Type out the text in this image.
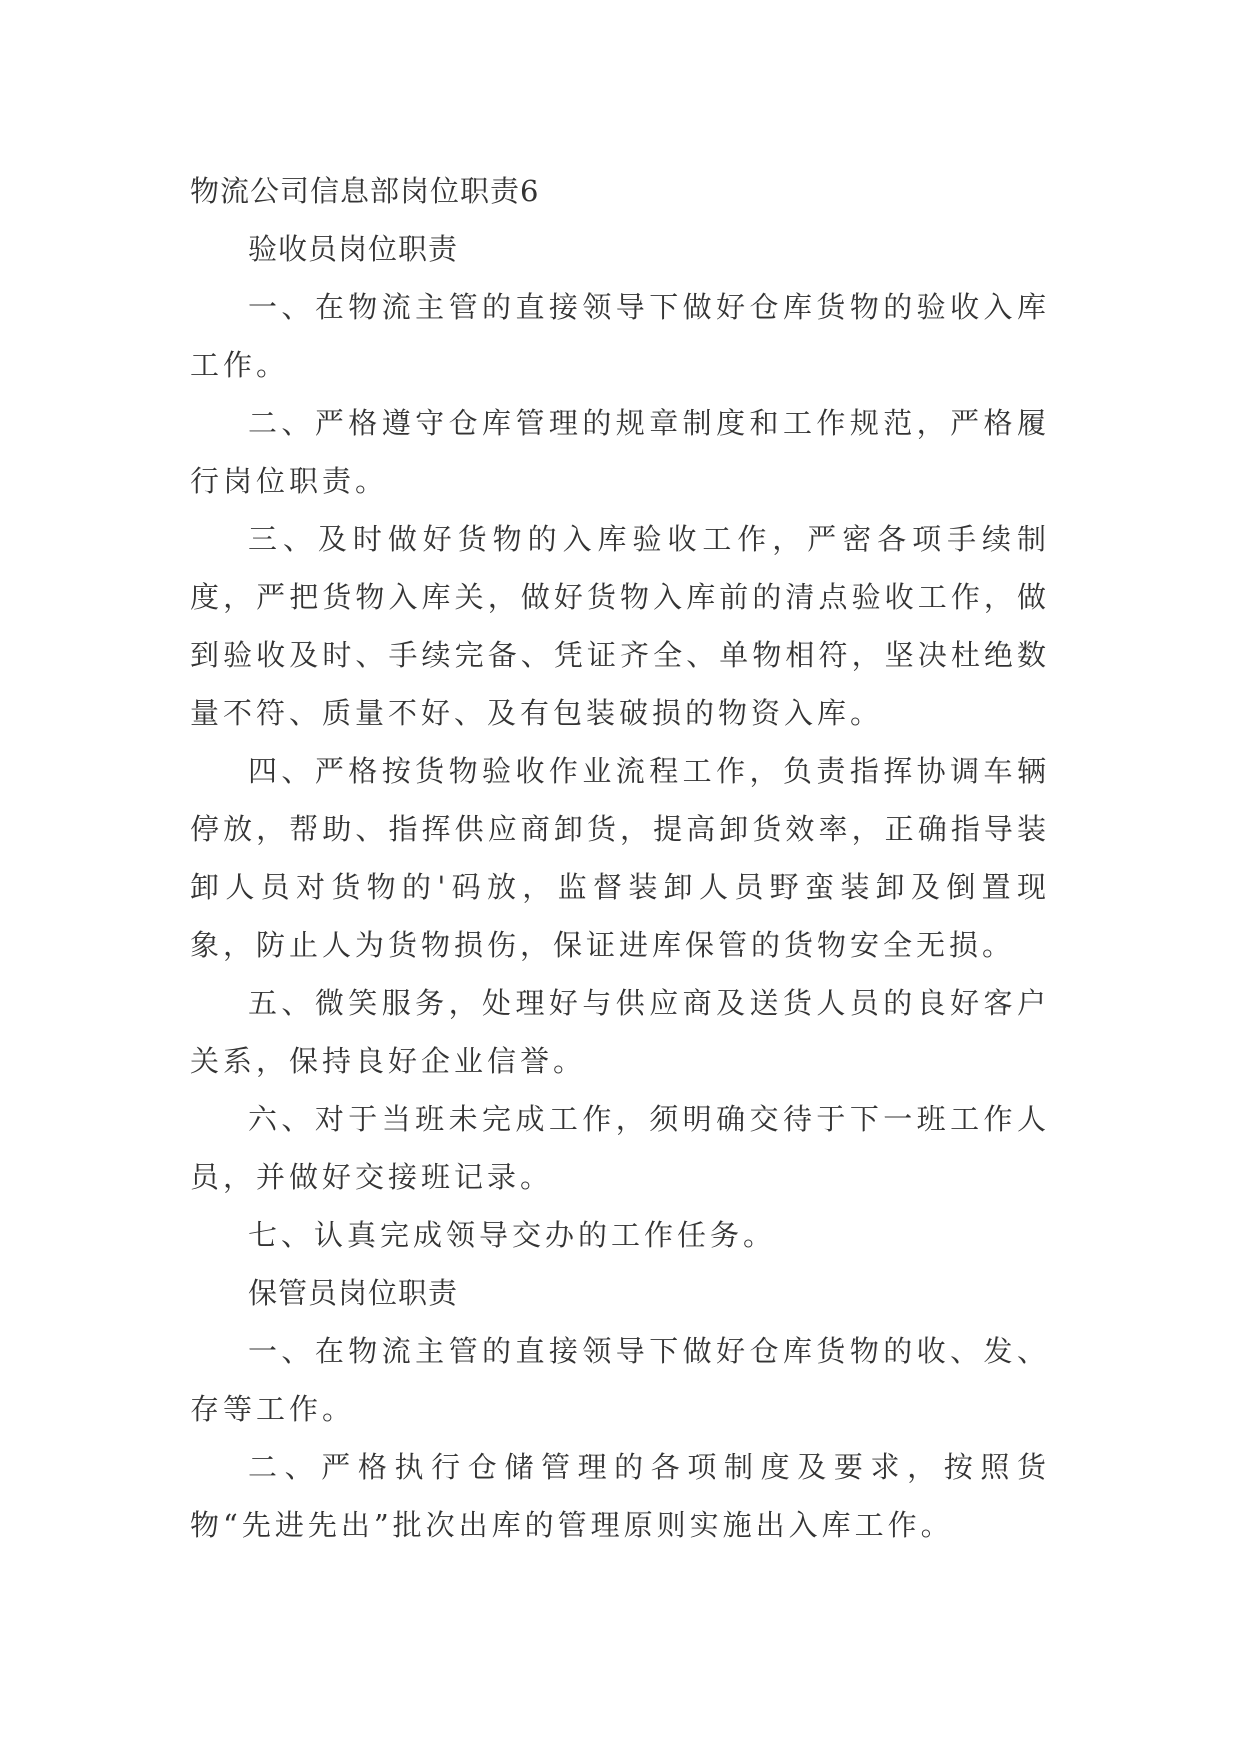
物流公司信息部岗位职责6

验收员岗位职责

一、在物流主管的直接领导下做好仓库货物的验收入库工作。

二、严格遵守仓库管理的规章制度和工作规范，严格履行岗位职责。

三、及时做好货物的入库验收工作，严密各项手续制度，严把货物入库关，做好货物入库前的清点验收工作，做到验收及时、手续完备、凭证齐全、单物相符，坚决杜绝数量不符、质量不好、及有包装破损的物资入库。

四、严格按货物验收作业流程工作，负责指挥协调车辆停放，帮助、指挥供应商卸货，提高卸货效率，正确指导装卸人员对货物的'码放，监督装卸人员野蛮装卸及倒置现象，防止人为货物损伤，保证进库保管的货物安全无损。

五、微笑服务，处理好与供应商及送货人员的良好客户关系，保持良好企业信誉。

六、对于当班未完成工作，须明确交待于下一班工作人员，并做好交接班记录。

七、认真完成领导交办的工作任务。

保管员岗位职责

一、在物流主管的直接领导下做好仓库货物的收、发、存等工作。

二、严格执行仓储管理的各项制度及要求，按照货物“先进先出”批次出库的管理原则实施出入库工作。
